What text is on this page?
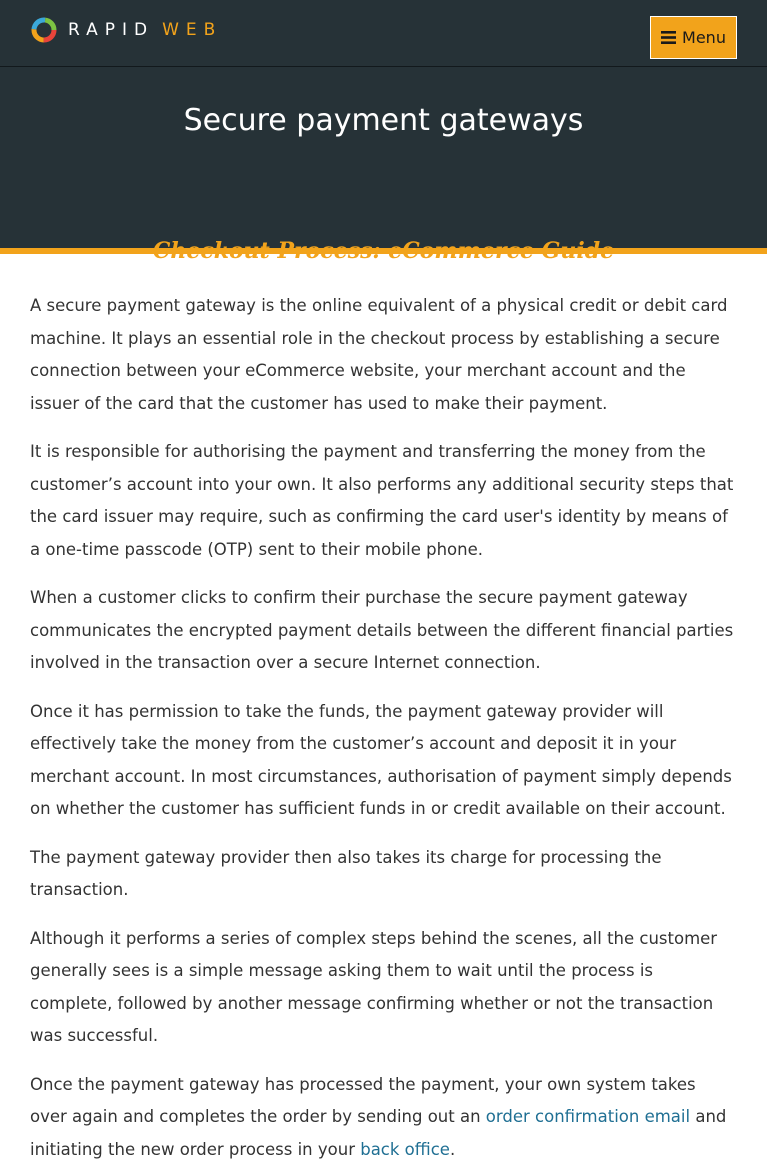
RAPID WEB	Menu
Secure payment gateways
Checkout Process: eCommerce Guide

A secure payment gateway is the online equivalent of a physical credit or debit card machine. It plays an essential role in the checkout process by establishing a secure connection between your eCommerce website, your merchant account and the issuer of the card that the customer has used to make their payment.

It is responsible for authorising the payment and transferring the money from the customer’s account into your own. It also performs any additional security steps that the card issuer may require, such as confirming the card user's identity by means of a one-time passcode (OTP) sent to their mobile phone.

When a customer clicks to confirm their purchase the secure payment gateway communicates the encrypted payment details between the different financial parties involved in the transaction over a secure Internet connection.

Once it has permission to take the funds, the payment gateway provider will effectively take the money from the customer’s account and deposit it in your merchant account. In most circumstances, authorisation of payment simply depends on whether the customer has sufficient funds in or credit available on their account.

The payment gateway provider then also takes its charge for processing the transaction.

Although it performs a series of complex steps behind the scenes, all the customer generally sees is a simple message asking them to wait until the process is complete, followed by another message confirming whether or not the transaction was successful.

Once the payment gateway has processed the payment, your own system takes over again and completes the order by sending out an order confirmation email and initiating the new order process in your back office.
